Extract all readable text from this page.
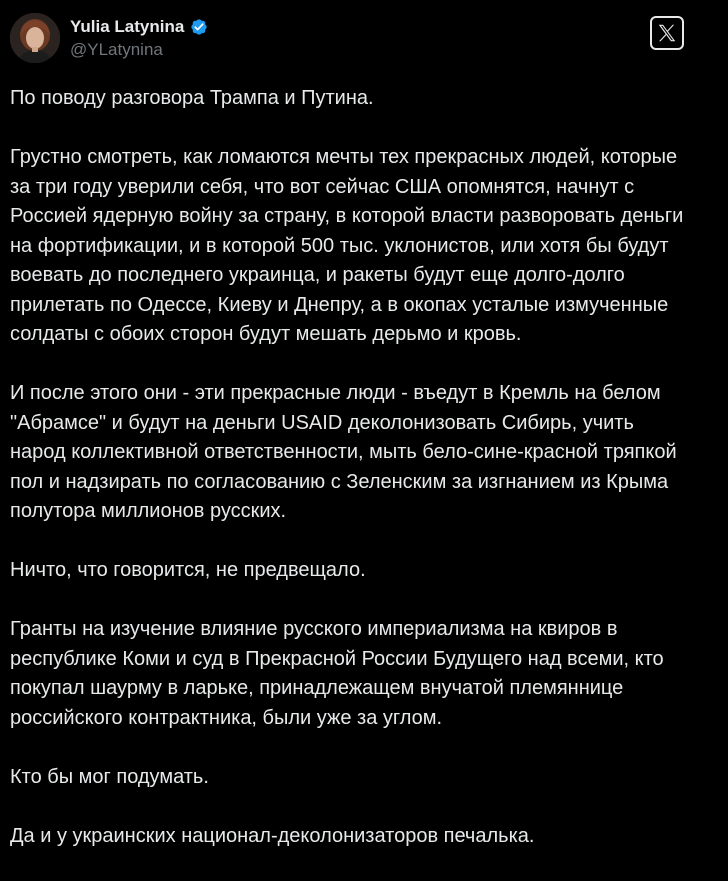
Yulia Latynina
@YLatynina

По поводу разговора Трампа и Путина.

Грустно смотреть, как ломаются мечты тех прекрасных людей, которые
за три году уверили себя, что вот сейчас США опомнятся, начнут с
Россией ядерную войну за страну, в которой власти разворовать деньги
на фортификации, и в которой 500 тыс. уклонистов, или хотя бы будут
воевать до последнего украинца, и ракеты будут еще долго-долго
прилетать по Одессе, Киеву и Днепру, а в окопах усталые измученные
солдаты с обоих сторон будут мешать дерьмо и кровь.

И после этого они - эти прекрасные люди - въедут в Кремль на белом
"Абрамсе" и будут на деньги USAID деколонизовать Сибирь, учить
народ коллективной ответственности, мыть бело-сине-красной тряпкой
пол и надзирать по согласованию с Зеленским за изгнанием из Крыма
полутора миллионов русских.

Ничто, что говорится, не предвещало.

Гранты на изучение влияние русского империализма на квиров в
республике Коми и суд в Прекрасной России Будущего над всеми, кто
покупал шаурму в ларьке, принадлежащем внучатой племяннице
российского контрактника, были уже за углом.

Кто бы мог подумать.

Да и у украинских национал-деколонизаторов печалька.
